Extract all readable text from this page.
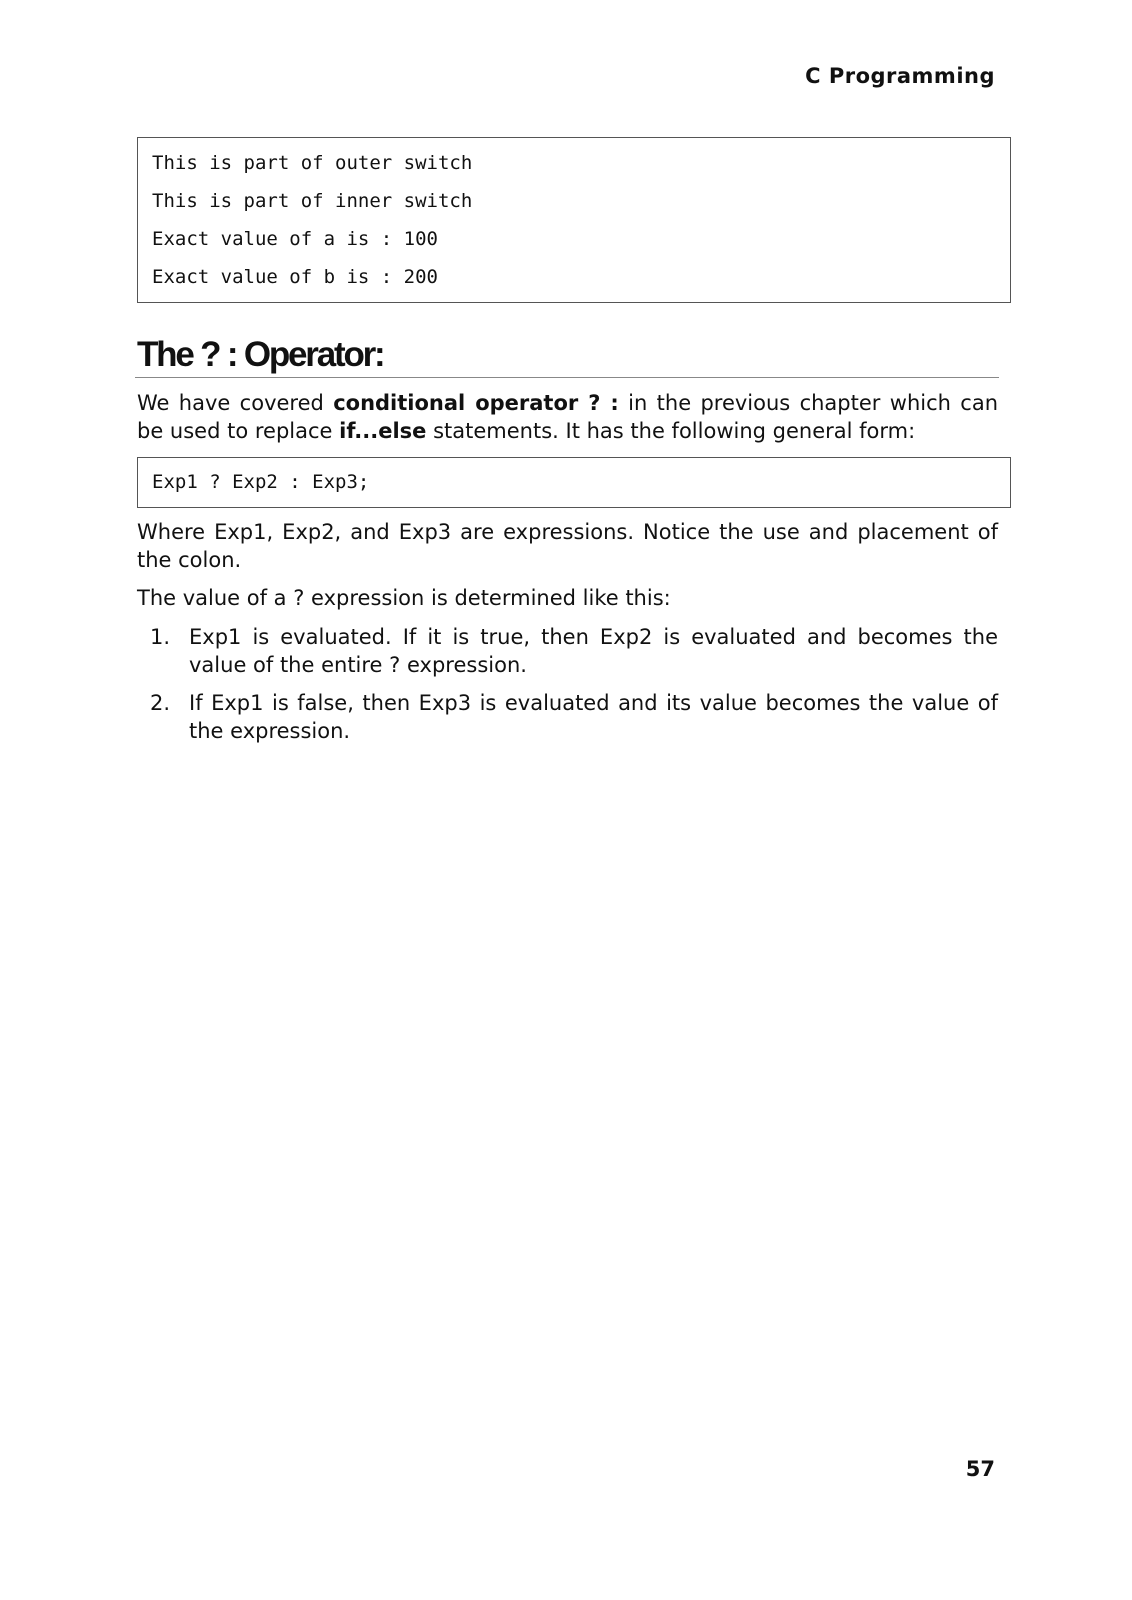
C Programming
This is part of outer switch
This is part of inner switch
Exact value of a is : 100
Exact value of b is : 200
The ? : Operator:
We have covered conditional operator ? : in the previous chapter which can be used to replace if...else statements. It has the following general form:
Exp1 ? Exp2 : Exp3;
Where Exp1, Exp2, and Exp3 are expressions. Notice the use and placement of the colon.
The value of a ? expression is determined like this:
1. Exp1 is evaluated. If it is true, then Exp2 is evaluated and becomes the value of the entire ? expression.
2. If Exp1 is false, then Exp3 is evaluated and its value becomes the value of the expression.
57
